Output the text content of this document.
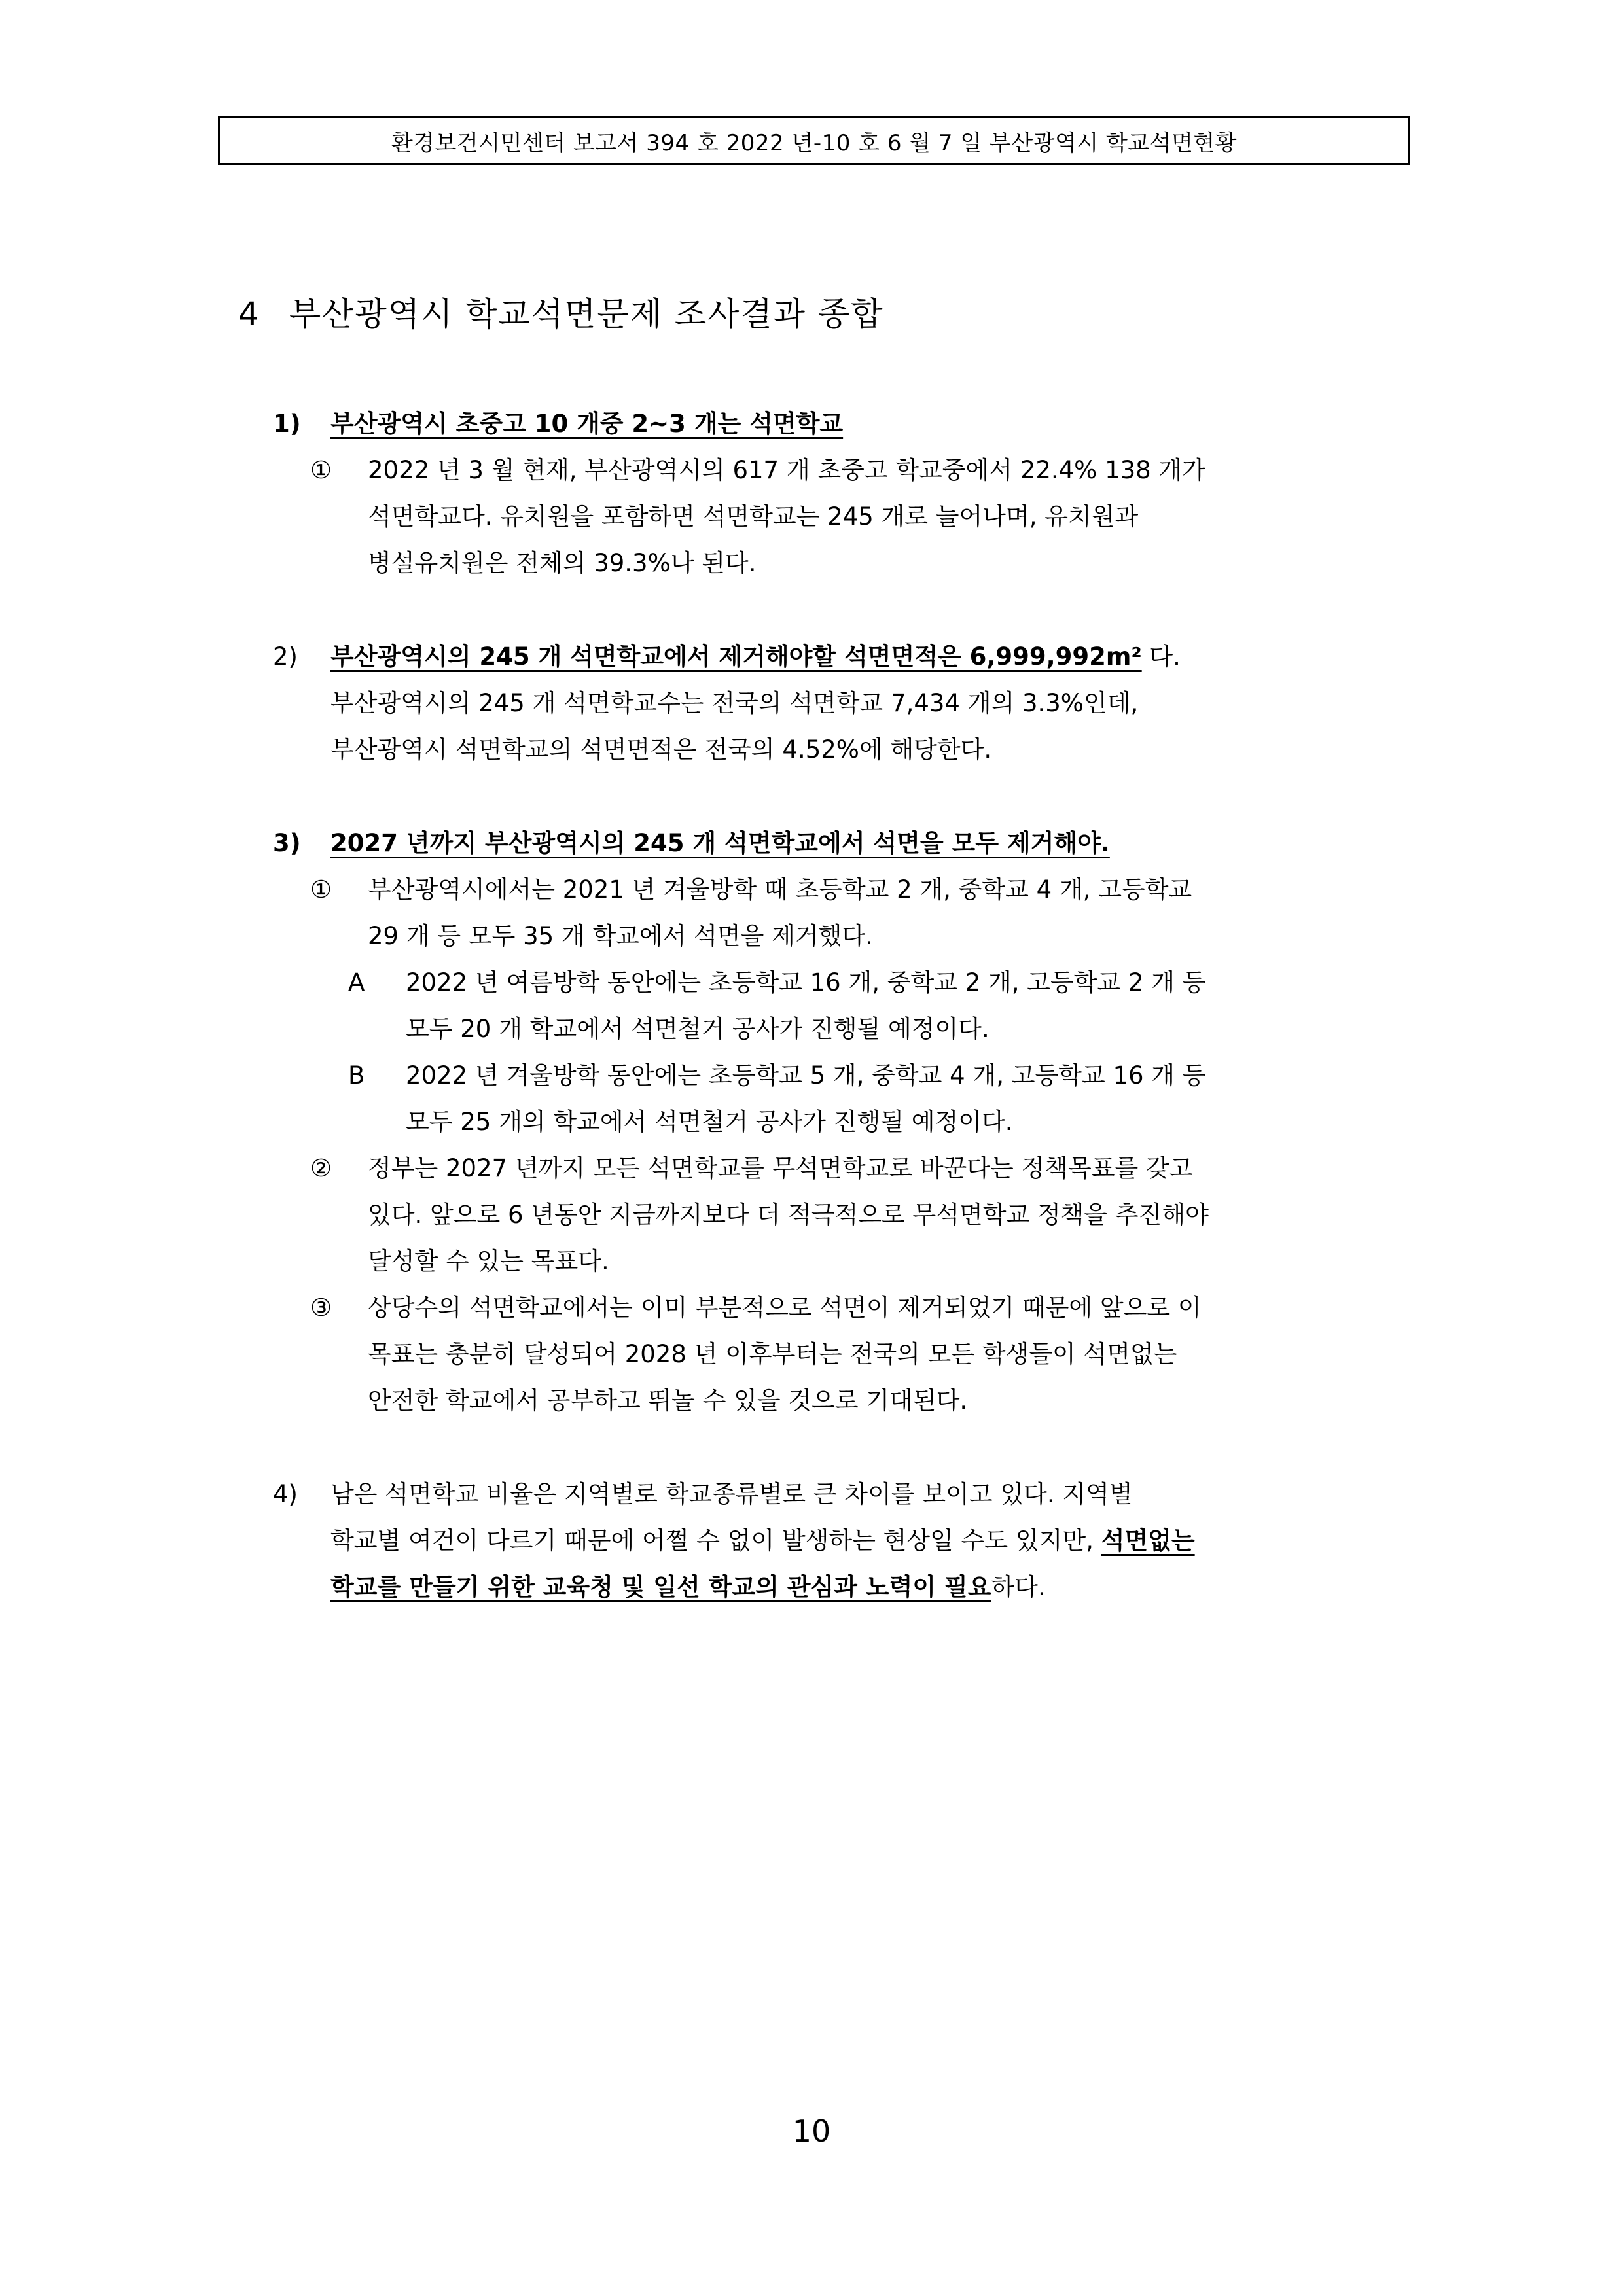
환경보건시민센터 보고서 394 호 2022 년-10 호 6 월 7 일 부산광역시 학교석면현황
4 부산광역시 학교석면문제 조사결과 종합
1) 부산광역시 초중고 10 개중 2~3 개는 석면학교
① 2022 년 3 월 현재, 부산광역시의 617 개 초중고 학교중에서 22.4% 138 개가
석면학교다. 유치원을 포함하면 석면학교는 245 개로 늘어나며, 유치원과
병설유치원은 전체의 39.3%나 된다.
2) 부산광역시의 245 개 석면학교에서 제거해야할 석면면적은 6,999,992m² 다.
부산광역시의 245 개 석면학교수는 전국의 석면학교 7,434 개의 3.3%인데,
부산광역시 석면학교의 석면면적은 전국의 4.52%에 해당한다.
3) 2027 년까지 부산광역시의 245 개 석면학교에서 석면을 모두 제거해야.
① 부산광역시에서는 2021 년 겨울방학 때 초등학교 2 개, 중학교 4 개, 고등학교
29 개 등 모두 35 개 학교에서 석면을 제거했다.
A 2022 년 여름방학 동안에는 초등학교 16 개, 중학교 2 개, 고등학교 2 개 등
모두 20 개 학교에서 석면철거 공사가 진행될 예정이다.
B 2022 년 겨울방학 동안에는 초등학교 5 개, 중학교 4 개, 고등학교 16 개 등
모두 25 개의 학교에서 석면철거 공사가 진행될 예정이다.
② 정부는 2027 년까지 모든 석면학교를 무석면학교로 바꾼다는 정책목표를 갖고
있다. 앞으로 6 년동안 지금까지보다 더 적극적으로 무석면학교 정책을 추진해야
달성할 수 있는 목표다.
③ 상당수의 석면학교에서는 이미 부분적으로 석면이 제거되었기 때문에 앞으로 이
목표는 충분히 달성되어 2028 년 이후부터는 전국의 모든 학생들이 석면없는
안전한 학교에서 공부하고 뛰놀 수 있을 것으로 기대된다.
4) 남은 석면학교 비율은 지역별로 학교종류별로 큰 차이를 보이고 있다. 지역별
학교별 여건이 다르기 때문에 어쩔 수 없이 발생하는 현상일 수도 있지만, 석면없는
학교를 만들기 위한 교육청 및 일선 학교의 관심과 노력이 필요하다.
10
